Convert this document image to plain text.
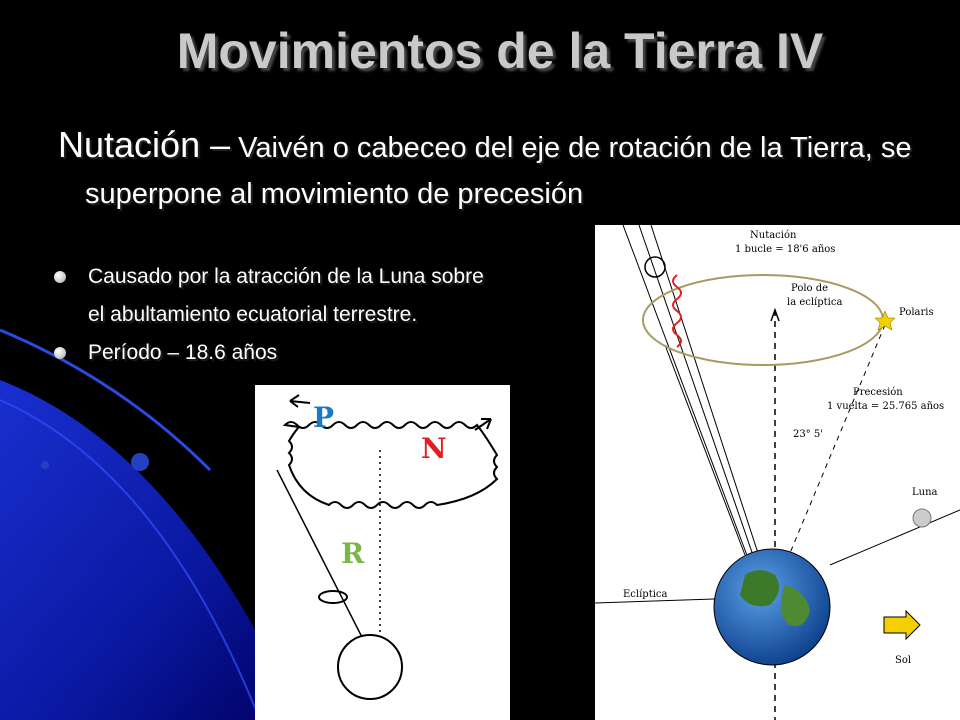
Movimientos de la Tierra IV
Nutación – Vaivén o cabeceo del eje de rotación de la Tierra, se superpone al movimiento de precesión
Causado por la atracción de la Luna sobre
el abultamiento ecuatorial terrestre.
Período – 18.6 años
P
N
R
Nutación
1 bucle = 18'6 años
Polo de
la eclíptica
Polaris
Precesión
1 vuelta = 25.765 años
23° 5'
Luna
Eclíptica
Sol
